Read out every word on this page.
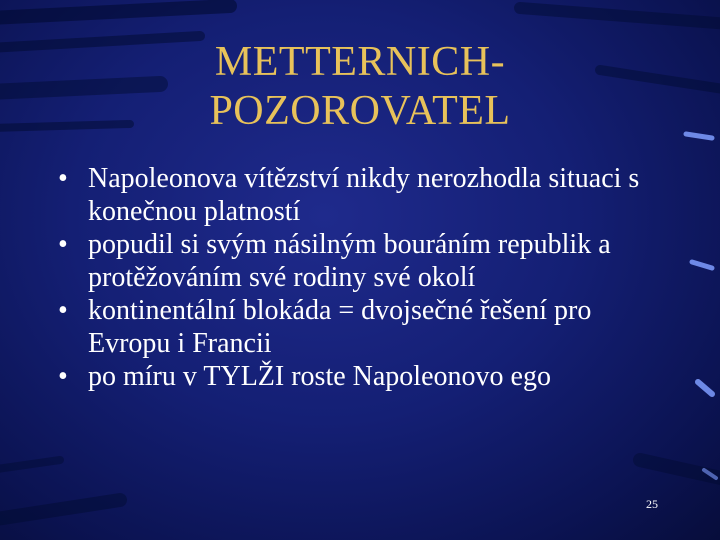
METTERNICH-
POZOROVATEL
• Napoleonova vítězství nikdy nerozhodla situaci s konečnou platností
• popudil si svým násilným bouráním republik a protěžováním své rodiny své okolí
• kontinentální blokáda = dvojsečné řešení pro Evropu i Francii
• po míru v TYLŽI roste Napoleonovo ego
25
